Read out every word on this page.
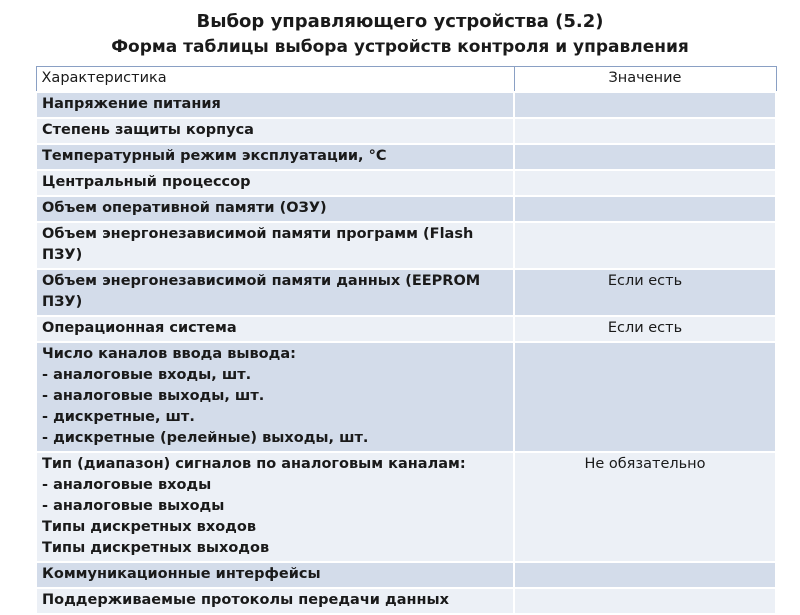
Выбор управляющего устройства (5.2)
Форма таблицы выбора устройств контроля и управления
Характеристика	Значение

Напряжение питания	

Степень защиты корпуса	

Температурный режим эксплуатации, °С	

Центральный процессор	

Объем оперативной памяти (ОЗУ)	

Объем энергонезависимой памяти программ (Flash
ПЗУ)	

Объем энергонезависимой памяти данных (EEPROM
ПЗУ)	Если есть

Операционная система	Если есть

Число каналов ввода вывода:
- аналоговые входы, шт.
- аналоговые выходы, шт.
- дискретные, шт.
- дискретные (релейные) выходы, шт.	

Тип (диапазон) сигналов по аналоговым каналам:
- аналоговые входы
- аналоговые выходы
Типы дискретных входов
Типы дискретных выходов	Не обязательно

Коммуникационные интерфейсы	

Поддерживаемые протоколы передачи данных	
